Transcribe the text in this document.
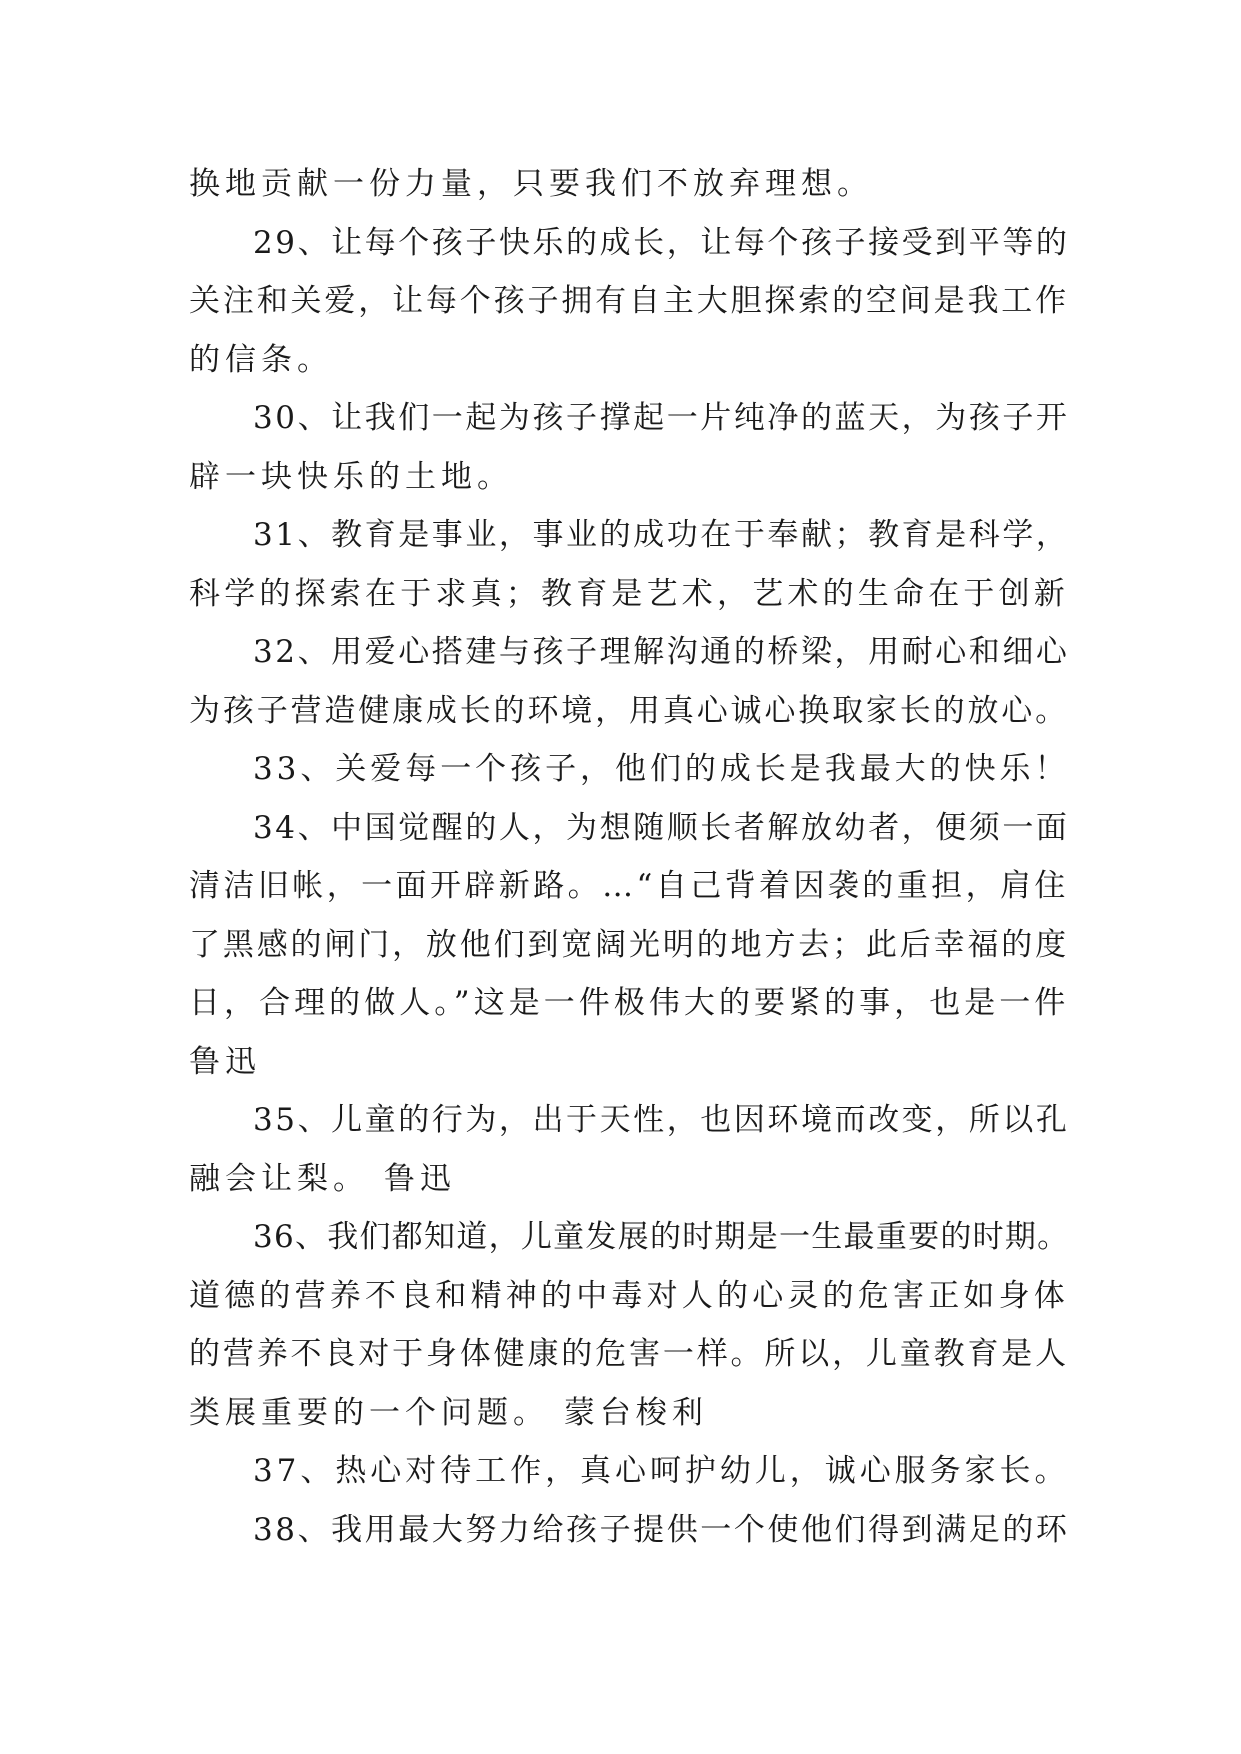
换地贡献一份力量，只要我们不放弃理想。
29、让每个孩子快乐的成长，让每个孩子接受到平等的
关注和关爱，让每个孩子拥有自主大胆探索的空间是我工作
的信条。
30、让我们一起为孩子撑起一片纯净的蓝天，为孩子开
辟一块快乐的土地。
31、教育是事业，事业的成功在于奉献；教育是科学，
科学的探索在于求真；教育是艺术，艺术的生命在于创新
32、用爱心搭建与孩子理解沟通的桥梁，用耐心和细心
为孩子营造健康成长的环境，用真心诚心换取家长的放心。
33、关爱每一个孩子，他们的成长是我最大的快乐！
34、中国觉醒的人，为想随顺长者解放幼者，便须一面
清洁旧帐，一面开辟新路。…“自己背着因袭的重担，肩住
了黑感的闸门，放他们到宽阔光明的地方去；此后幸福的度
日，合理的做人。”这是一件极伟大的要紧的事，也是一件
鲁迅
35、儿童的行为，出于天性，也因环境而改变，所以孔
融会让梨。 鲁迅
36、我们都知道，儿童发展的时期是一生最重要的时期。
道德的营养不良和精神的中毒对人的心灵的危害正如身体
的营养不良对于身体健康的危害一样。所以，儿童教育是人
类展重要的一个问题。 蒙台梭利
37、热心对待工作，真心呵护幼儿，诚心服务家长。
38、我用最大努力给孩子提供一个使他们得到满足的环
